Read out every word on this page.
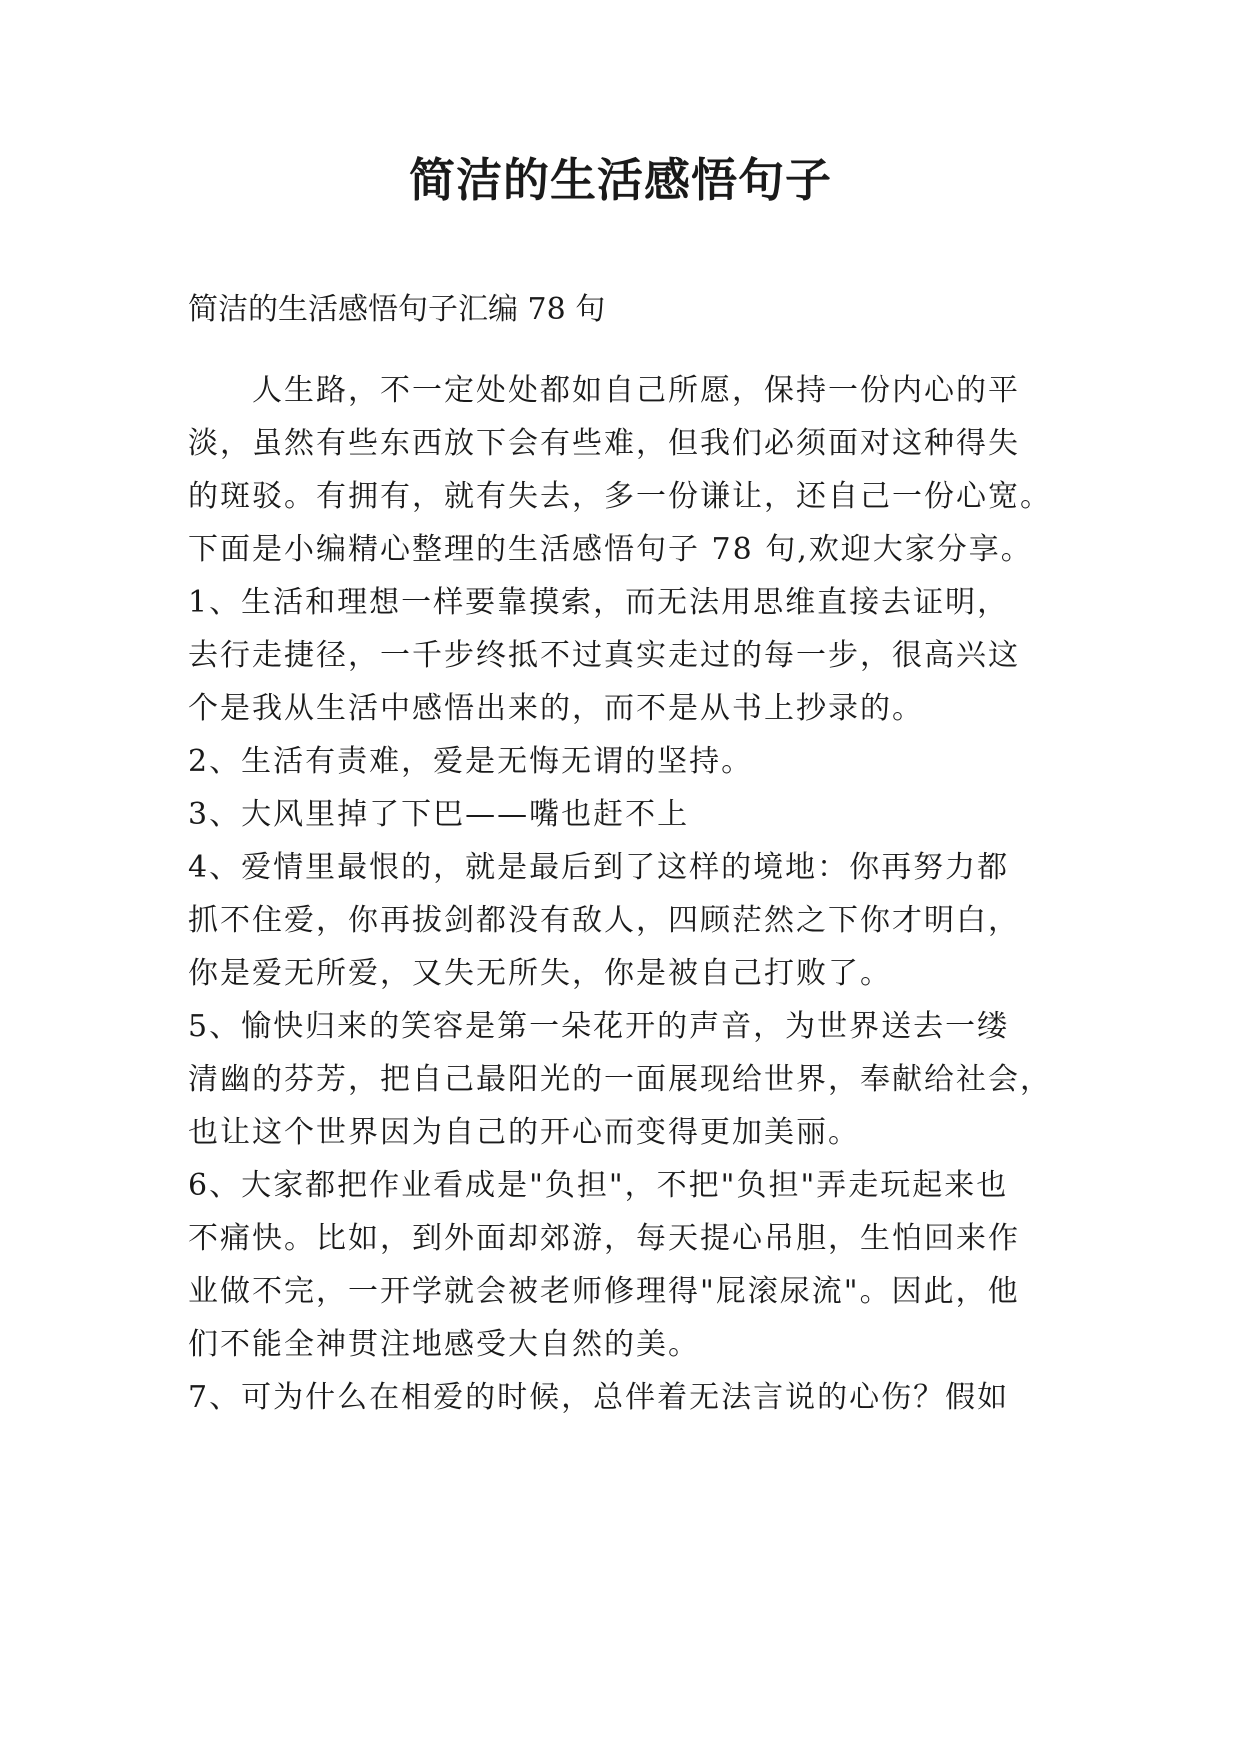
简洁的生活感悟句子

简洁的生活感悟句子汇编 78 句

　　人生路，不一定处处都如自己所愿，保持一份内心的平

淡，虽然有些东西放下会有些难，但我们必须面对这种得失

的斑驳。有拥有，就有失去，多一份谦让，还自己一份心宽。

下面是小编精心整理的生活感悟句子 78 句,欢迎大家分享。

1、生活和理想一样要靠摸索，而无法用思维直接去证明，

去行走捷径，一千步终抵不过真实走过的每一步，很高兴这

个是我从生活中感悟出来的，而不是从书上抄录的。

2、生活有责难，爱是无悔无谓的坚持。

3、大风里掉了下巴——嘴也赶不上

4、爱情里最恨的，就是最后到了这样的境地：你再努力都

抓不住爱，你再拔剑都没有敌人，四顾茫然之下你才明白，

你是爱无所爱，又失无所失，你是被自己打败了。

5、愉快归来的笑容是第一朵花开的声音，为世界送去一缕

清幽的芬芳，把自己最阳光的一面展现给世界，奉献给社会，

也让这个世界因为自己的开心而变得更加美丽。

6、大家都把作业看成是"负担"，不把"负担"弄走玩起来也

不痛快。比如，到外面却郊游，每天提心吊胆，生怕回来作

业做不完，一开学就会被老师修理得"屁滚尿流"。因此，他

们不能全神贯注地感受大自然的美。

7、可为什么在相爱的时候，总伴着无法言说的心伤？假如
